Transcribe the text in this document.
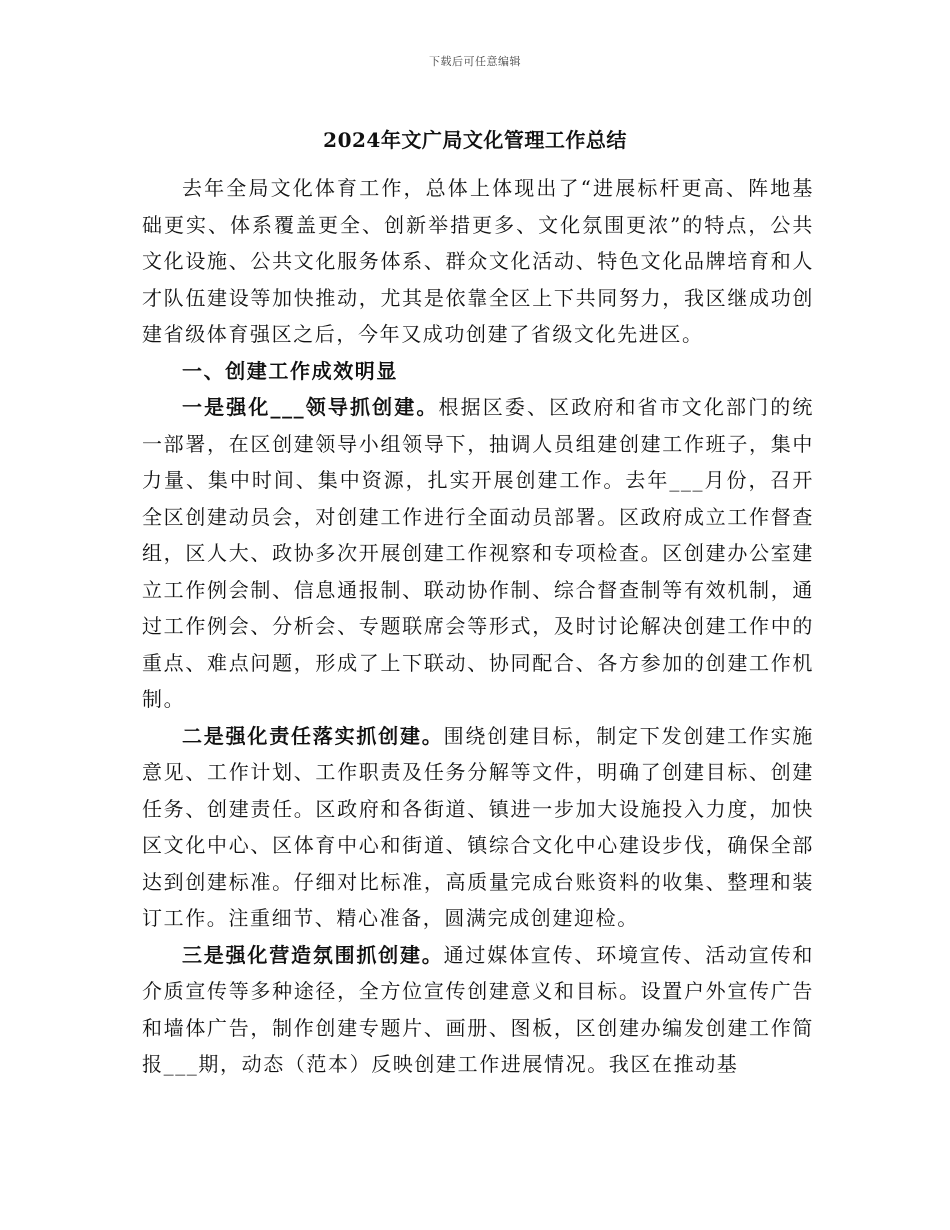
下载后可任意编辑
2024年文广局文化管理工作总结

去年全局文化体育工作，总体上体现出了“进展标杆更高、阵地基础更实、体系覆盖更全、创新举措更多、文化氛围更浓”的特点，公共文化设施、公共文化服务体系、群众文化活动、特色文化品牌培育和人才队伍建设等加快推动，尤其是依靠全区上下共同努力，我区继成功创建省级体育强区之后，今年又成功创建了省级文化先进区。

一、创建工作成效明显

一是强化___领导抓创建。根据区委、区政府和省市文化部门的统一部署，在区创建领导小组领导下，抽调人员组建创建工作班子，集中力量、集中时间、集中资源，扎实开展创建工作。去年___月份，召开全区创建动员会，对创建工作进行全面动员部署。区政府成立工作督查组，区人大、政协多次开展创建工作视察和专项检查。区创建办公室建立工作例会制、信息通报制、联动协作制、综合督查制等有效机制，通过工作例会、分析会、专题联席会等形式，及时讨论解决创建工作中的重点、难点问题，形成了上下联动、协同配合、各方参加的创建工作机制。

二是强化责任落实抓创建。围绕创建目标，制定下发创建工作实施意见、工作计划、工作职责及任务分解等文件，明确了创建目标、创建任务、创建责任。区政府和各街道、镇进一步加大设施投入力度，加快区文化中心、区体育中心和街道、镇综合文化中心建设步伐，确保全部达到创建标准。仔细对比标准，高质量完成台账资料的收集、整理和装订工作。注重细节、精心准备，圆满完成创建迎检。

三是强化营造氛围抓创建。通过媒体宣传、环境宣传、活动宣传和介质宣传等多种途径，全方位宣传创建意义和目标。设置户外宣传广告和墙体广告，制作创建专题片、画册、图板，区创建办编发创建工作简报___期，动态（范本）反映创建工作进展情况。我区在推动基
